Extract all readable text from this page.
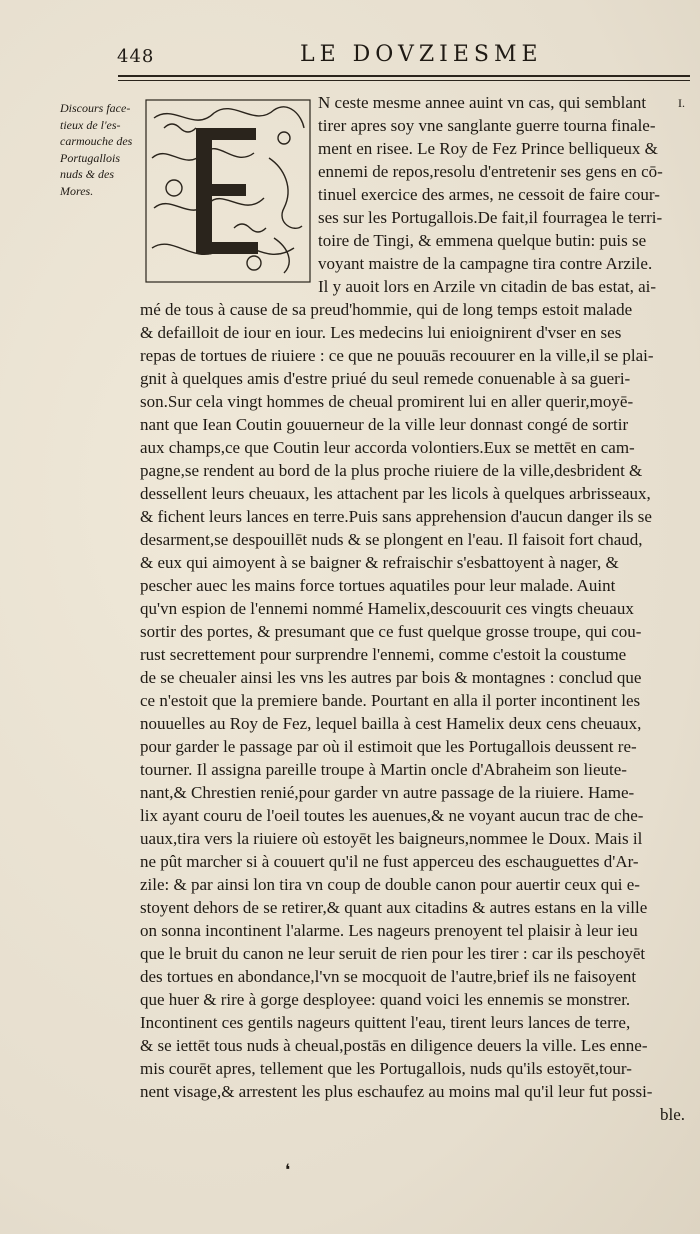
448	LE DOVZIESME
Discours face-
tieux de l'es-
carmouche des
Portugallois
nuds & des
Mores.
N ceste mesme annee auint vn cas, qui semblant
tirer apres soy vne sanglante guerre tourna finale-
ment en risee. Le Roy de Fez Prince belliqueux &
ennemi de repos,resolu d'entretenir ses gens en cō-
tinuel exercice des armes, ne cessoit de faire cour-
ses sur les Portugallois.De fait,il fourragea le terri-
toire de Tingi, & emmena quelque butin: puis se
voyant maistre de la campagne tira contre Arzile.
Il y auoit lors en Arzile vn citadin de bas estat, ai-
mé de tous à cause de sa preud'hommie, qui de long temps estoit malade
& defailloit de iour en iour. Les medecins lui enioignirent d'vser en ses
repas de tortues de riuiere : ce que ne pouuās recouurer en la ville,il se plai-
gnit à quelques amis d'estre priué du seul remede conuenable à sa gueri-
son.Sur cela vingt hommes de cheual promirent lui en aller querir,moyē-
nant que Iean Coutin gouuerneur de la ville leur donnast congé de sortir
aux champs,ce que Coutin leur accorda volontiers.Eux se mettēt en cam-
pagne,se rendent au bord de la plus proche riuiere de la ville,desbrident &
dessellent leurs cheuaux, les attachent par les licols à quelques arbrisseaux,
& fichent leurs lances en terre.Puis sans apprehension d'aucun danger ils se
desarment,se despouillēt nuds & se plongent en l'eau. Il faisoit fort chaud,
& eux qui aimoyent à se baigner & refraischir s'esbattoyent à nager, &
pescher auec les mains force tortues aquatiles pour leur malade. Auint
qu'vn espion de l'ennemi nommé Hamelix,descouurit ces vingts cheuaux
sortir des portes, & presumant que ce fust quelque grosse troupe, qui cou-
rust secrettement pour surprendre l'ennemi, comme c'estoit la coustume
de se cheualer ainsi les vns les autres par bois & montagnes : conclud que
ce n'estoit que la premiere bande. Pourtant en alla il porter incontinent les
nouuelles au Roy de Fez, lequel bailla à cest Hamelix deux cens cheuaux,
pour garder le passage par où il estimoit que les Portugallois deussent re-
tourner. Il assigna pareille troupe à Martin oncle d'Abraheim son lieute-
nant,& Chrestien renié,pour garder vn autre passage de la riuiere. Hame-
lix ayant couru de l'oeil toutes les auenues,& ne voyant aucun trac de che-
uaux,tira vers la riuiere où estoyēt les baigneurs,nommee le Doux. Mais il
ne pût marcher si à couuert qu'il ne fust apperceu des eschauguettes d'Ar-
zile: & par ainsi lon tira vn coup de double canon pour auertir ceux qui e-
stoyent dehors de se retirer,& quant aux citadins & autres estans en la ville
on sonna incontinent l'alarme. Les nageurs prenoyent tel plaisir à leur ieu
que le bruit du canon ne leur seruit de rien pour les tirer : car ils peschoyēt
des tortues en abondance,l'vn se mocquoit de l'autre,brief ils ne faisoyent
que huer & rire à gorge desployee: quand voici les ennemis se monstrer.
Incontinent ces gentils nageurs quittent l'eau, tirent leurs lances de terre,
& se iettēt tous nuds à cheual,postās en diligence deuers la ville. Les enne-
mis courēt apres, tellement que les Portugallois, nuds qu'ils estoyēt,tour-
nent visage,& arrestent les plus eschaufez au moins mal qu'il leur fut possi-
ble.
I.
❛
